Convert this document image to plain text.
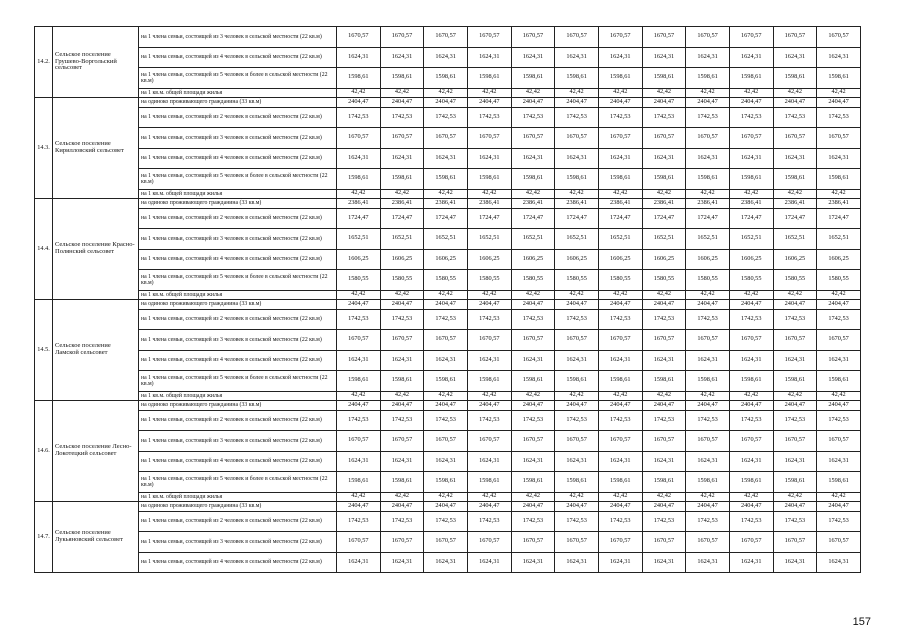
14.2.	Сельское поселение Грушево-Воргольский сельсовет	на 1 члена семьи, состоящей из 3 человек в сельской местности (22 кв.м)	1670,57	1670,57	1670,57	1670,57	1670,57	1670,57	1670,57	1670,57	1670,57	1670,57	1670,57	1670,57
		на 1 члена семьи, состоящей из 4 человек в сельской местности (22 кв.м)	1624,31	1624,31	1624,31	1624,31	1624,31	1624,31	1624,31	1624,31	1624,31	1624,31	1624,31	1624,31
		на 1 члена семьи, состоящей из 5 человек и более в сельской местности (22 кв.м)	1598,61	1598,61	1598,61	1598,61	1598,61	1598,61	1598,61	1598,61	1598,61	1598,61	1598,61	1598,61
		на 1 кв.м. общей площади жилья	42,42	42,42	42,42	42,42	42,42	42,42	42,42	42,42	42,42	42,42	42,42	42,42
14.3.	Сельское поселение Кирилловский сельсовет	на одиноко проживающего гражданина (33 кв.м)	2404,47	2404,47	2404,47	2404,47	2404,47	2404,47	2404,47	2404,47	2404,47	2404,47	2404,47	2404,47
		на 1 члена семьи, состоящей из 2 человек в сельской местности (22 кв.м)	1742,53	1742,53	1742,53	1742,53	1742,53	1742,53	1742,53	1742,53	1742,53	1742,53	1742,53	1742,53
		на 1 члена семьи, состоящей из 3 человек в сельской местности (22 кв.м)	1670,57	1670,57	1670,57	1670,57	1670,57	1670,57	1670,57	1670,57	1670,57	1670,57	1670,57	1670,57
		на 1 члена семьи, состоящей из 4 человек в сельской местности (22 кв.м)	1624,31	1624,31	1624,31	1624,31	1624,31	1624,31	1624,31	1624,31	1624,31	1624,31	1624,31	1624,31
		на 1 члена семьи, состоящей из 5 человек и более в сельской местности (22 кв.м)	1598,61	1598,61	1598,61	1598,61	1598,61	1598,61	1598,61	1598,61	1598,61	1598,61	1598,61	1598,61
		на 1 кв.м. общей площади жилья	42,42	42,42	42,42	42,42	42,42	42,42	42,42	42,42	42,42	42,42	42,42	42,42
14.4.	Сельское поселение Красно-Полянский сельсовет	на одиноко проживающего гражданина (33 кв.м)	2386,41	2386,41	2386,41	2386,41	2386,41	2386,41	2386,41	2386,41	2386,41	2386,41	2386,41	2386,41
		на 1 члена семьи, состоящей из 2 человек в сельской местности (22 кв.м)	1724,47	1724,47	1724,47	1724,47	1724,47	1724,47	1724,47	1724,47	1724,47	1724,47	1724,47	1724,47
		на 1 члена семьи, состоящей из 3 человек в сельской местности (22 кв.м)	1652,51	1652,51	1652,51	1652,51	1652,51	1652,51	1652,51	1652,51	1652,51	1652,51	1652,51	1652,51
		на 1 члена семьи, состоящей из 4 человек в сельской местности (22 кв.м)	1606,25	1606,25	1606,25	1606,25	1606,25	1606,25	1606,25	1606,25	1606,25	1606,25	1606,25	1606,25
		на 1 члена семьи, состоящей из 5 человек и более в сельской местности (22 кв.м)	1580,55	1580,55	1580,55	1580,55	1580,55	1580,55	1580,55	1580,55	1580,55	1580,55	1580,55	1580,55
		на 1 кв.м. общей площади жилья	42,42	42,42	42,42	42,42	42,42	42,42	42,42	42,42	42,42	42,42	42,42	42,42
14.5.	Сельское поселение Ламской сельсовет	на одиноко проживающего гражданина (33 кв.м)	2404,47	2404,47	2404,47	2404,47	2404,47	2404,47	2404,47	2404,47	2404,47	2404,47	2404,47	2404,47
		на 1 члена семьи, состоящей из 2 человек в сельской местности (22 кв.м)	1742,53	1742,53	1742,53	1742,53	1742,53	1742,53	1742,53	1742,53	1742,53	1742,53	1742,53	1742,53
		на 1 члена семьи, состоящей из 3 человек в сельской местности (22 кв.м)	1670,57	1670,57	1670,57	1670,57	1670,57	1670,57	1670,57	1670,57	1670,57	1670,57	1670,57	1670,57
		на 1 члена семьи, состоящей из 4 человек в сельской местности (22 кв.м)	1624,31	1624,31	1624,31	1624,31	1624,31	1624,31	1624,31	1624,31	1624,31	1624,31	1624,31	1624,31
		на 1 члена семьи, состоящей из 5 человек и более в сельской местности (22 кв.м)	1598,61	1598,61	1598,61	1598,61	1598,61	1598,61	1598,61	1598,61	1598,61	1598,61	1598,61	1598,61
		на 1 кв.м. общей площади жилья	42,42	42,42	42,42	42,42	42,42	42,42	42,42	42,42	42,42	42,42	42,42	42,42
14.6.	Сельское поселение Лесно-Локотецкий сельсовет	на одиноко проживающего гражданина (33 кв.м)	2404,47	2404,47	2404,47	2404,47	2404,47	2404,47	2404,47	2404,47	2404,47	2404,47	2404,47	2404,47
		на 1 члена семьи, состоящей из 2 человек в сельской местности (22 кв.м)	1742,53	1742,53	1742,53	1742,53	1742,53	1742,53	1742,53	1742,53	1742,53	1742,53	1742,53	1742,53
		на 1 члена семьи, состоящей из 3 человек в сельской местности (22 кв.м)	1670,57	1670,57	1670,57	1670,57	1670,57	1670,57	1670,57	1670,57	1670,57	1670,57	1670,57	1670,57
		на 1 члена семьи, состоящей из 4 человек в сельской местности (22 кв.м)	1624,31	1624,31	1624,31	1624,31	1624,31	1624,31	1624,31	1624,31	1624,31	1624,31	1624,31	1624,31
		на 1 члена семьи, состоящей из 5 человек и более в сельской местности (22 кв.м)	1598,61	1598,61	1598,61	1598,61	1598,61	1598,61	1598,61	1598,61	1598,61	1598,61	1598,61	1598,61
		на 1 кв.м. общей площади жилья	42,42	42,42	42,42	42,42	42,42	42,42	42,42	42,42	42,42	42,42	42,42	42,42
14.7.	Сельское поселение Лукьяновский сельсовет	на одиноко проживающего гражданина (33 кв.м)	2404,47	2404,47	2404,47	2404,47	2404,47	2404,47	2404,47	2404,47	2404,47	2404,47	2404,47	2404,47
		на 1 члена семьи, состоящей из 2 человек в сельской местности (22 кв.м)	1742,53	1742,53	1742,53	1742,53	1742,53	1742,53	1742,53	1742,53	1742,53	1742,53	1742,53	1742,53
		на 1 члена семьи, состоящей из 3 человек в сельской местности (22 кв.м)	1670,57	1670,57	1670,57	1670,57	1670,57	1670,57	1670,57	1670,57	1670,57	1670,57	1670,57	1670,57
		на 1 члена семьи, состоящей из 4 человек в сельской местности (22 кв.м)	1624,31	1624,31	1624,31	1624,31	1624,31	1624,31	1624,31	1624,31	1624,31	1624,31	1624,31	1624,31
157
